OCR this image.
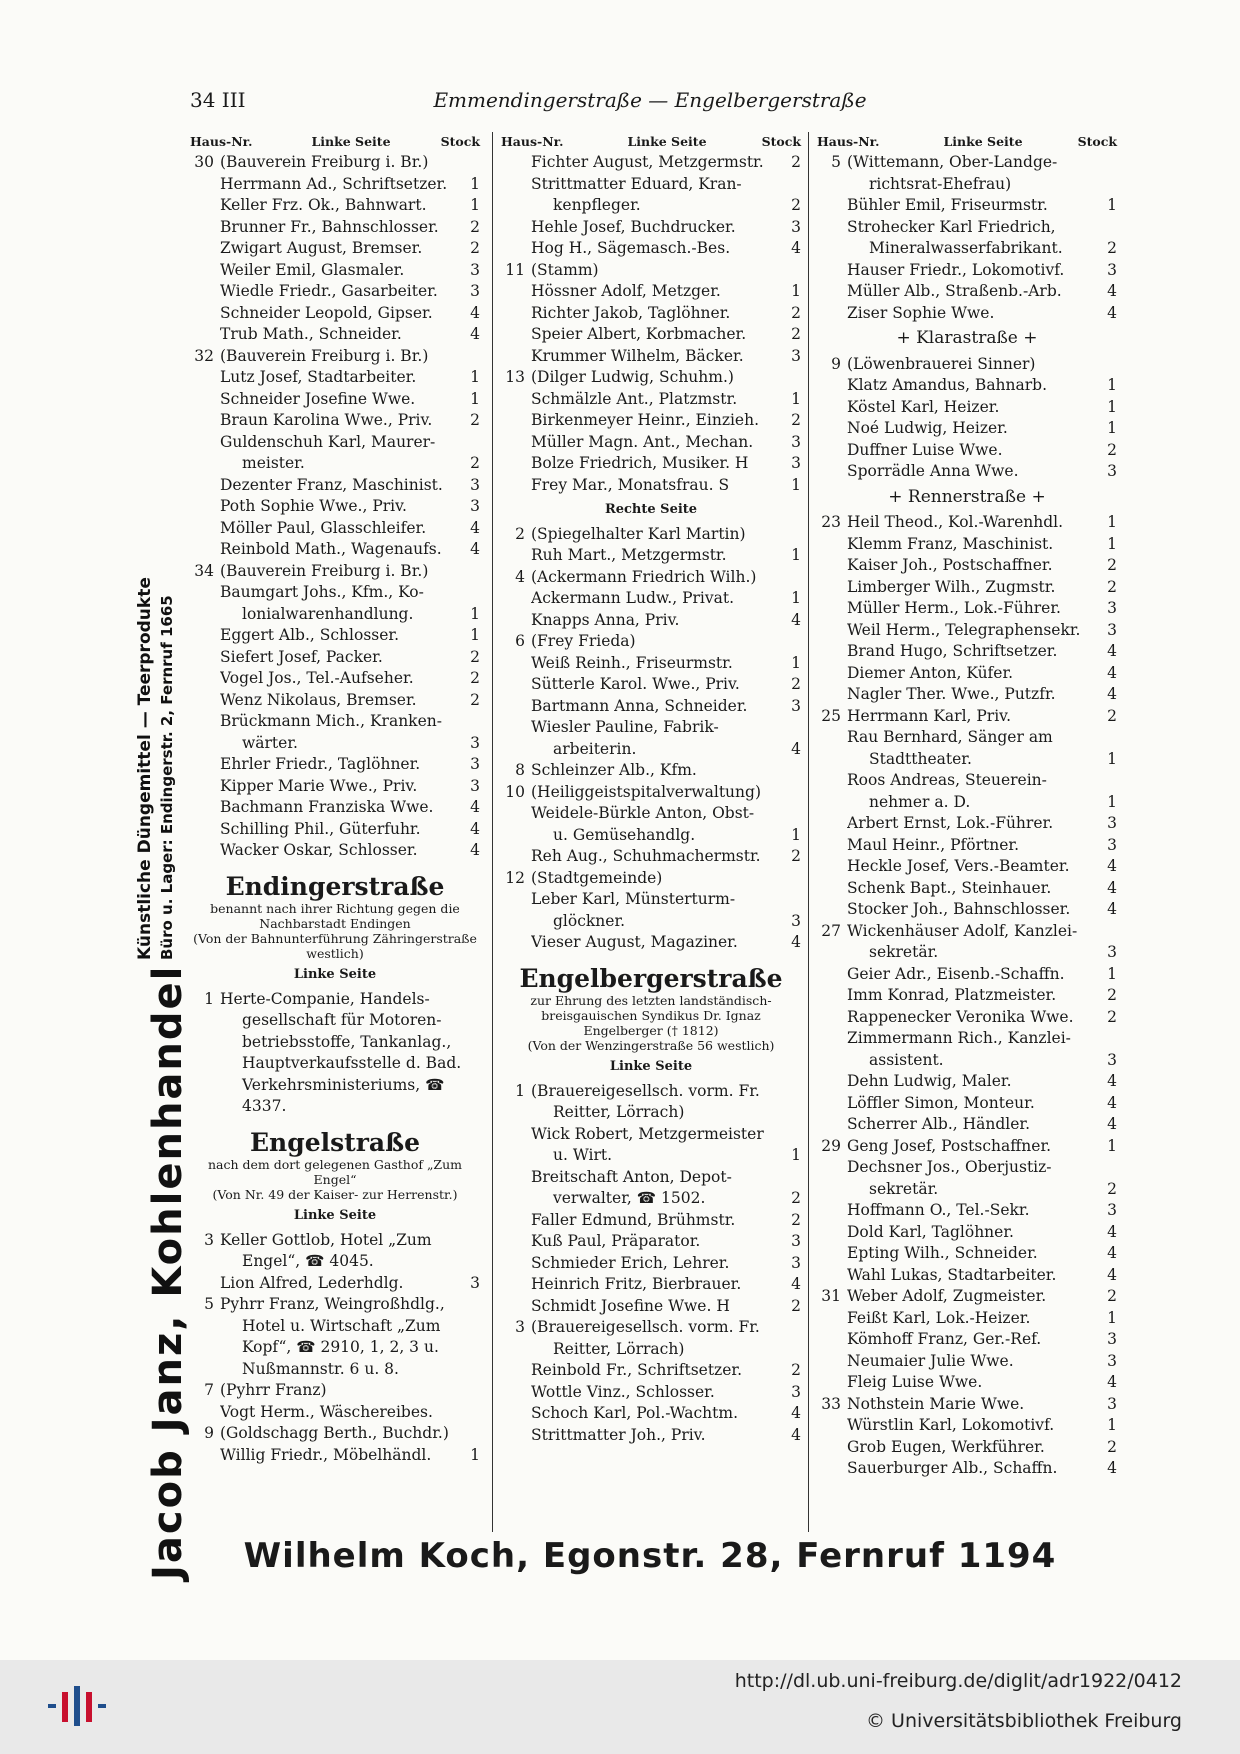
34 III	Emmendingerstraße — Engelbergerstraße
Jacob Janz, Kohlenhandel
Künstliche Düngemittel — Teerprodukte Büro u. Lager: Endingerstr. 2, Fernruf 1665
Haus-Nr.	Linke Seite	Stock
30 (Bauverein Freiburg i. Br.)
Herrmann Ad., Schriftsetzer.	1
Keller Frz. Ok., Bahnwart.	1
Brunner Fr., Bahnschlosser.	2
Zwigart August, Bremser.	2
Weiler Emil, Glasmaler.	3
Wiedle Friedr., Gasarbeiter.	3
Schneider Leopold, Gipser.	4
Trub Math., Schneider.	4
32 (Bauverein Freiburg i. Br.)
Lutz Josef, Stadtarbeiter.	1
Schneider Josefine Wwe.	1
Braun Karolina Wwe., Priv.	2
Guldenschuh Karl, Maurer-
meister.	2
Dezenter Franz, Maschinist.	3
Poth Sophie Wwe., Priv.	3
Möller Paul, Glasschleifer.	4
Reinbold Math., Wagenaufs.	4
34 (Bauverein Freiburg i. Br.)
Baumgart Johs., Kfm., Ko-
lonialwarenhandlung.	1
Eggert Alb., Schlosser.	1
Siefert Josef, Packer.	2
Vogel Jos., Tel.-Aufseher.	2
Wenz Nikolaus, Bremser.	2
Brückmann Mich., Kranken-
wärter.	3
Ehrler Friedr., Taglöhner.	3
Kipper Marie Wwe., Priv.	3
Bachmann Franziska Wwe.	4
Schilling Phil., Güterfuhr.	4
Wacker Oskar, Schlosser.	4
Endingerstraße
benannt nach ihrer Richtung gegen die Nachbarstadt Endingen
(Von der Bahnunterführung Zähringerstraße westlich)
Linke Seite
1 Herte-Companie, Handels-
gesellschaft für Motoren-
betriebsstoffe, Tankanlag.,
Hauptverkaufsstelle d. Bad.
Verkehrsministeriums, ☎
4337.
Engelstraße
nach dem dort gelegenen Gasthof „Zum Engel“
(Von Nr. 49 der Kaiser- zur Herrenstr.)
Linke Seite
3 Keller Gottlob, Hotel „Zum
Engel“, ☎ 4045.
Lion Alfred, Lederhdlg.	3
5 Pyhrr Franz, Weingroßhdlg.,
Hotel u. Wirtschaft „Zum
Kopf“, ☎ 2910, 1, 2, 3 u.
Nußmannstr. 6 u. 8.
7 (Pyhrr Franz)
Vogt Herm., Wäschereibes.
9 (Goldschagg Berth., Buchdr.)
Willig Friedr., Möbelhändl.	1
Haus-Nr.	Linke Seite	Stock
Fichter August, Metzgermstr.	2
Strittmatter Eduard, Kran-
kenpfleger.	2
Hehle Josef, Buchdrucker.	3
Hog H., Sägemasch.-Bes.	4
11 (Stamm)
Hössner Adolf, Metzger.	1
Richter Jakob, Taglöhner.	2
Speier Albert, Korbmacher.	2
Krummer Wilhelm, Bäcker.	3
13 (Dilger Ludwig, Schuhm.)
Schmälzle Ant., Platzmstr.	1
Birkenmeyer Heinr., Einzieh.	2
Müller Magn. Ant., Mechan.	3
Bolze Friedrich, Musiker. H	3
Frey Mar., Monatsfrau. S	1
Rechte Seite
2 (Spiegelhalter Karl Martin)
Ruh Mart., Metzgermstr.	1
4 (Ackermann Friedrich Wilh.)
Ackermann Ludw., Privat.	1
Knapps Anna, Priv.	4
6 (Frey Frieda)
Weiß Reinh., Friseurmstr.	1
Sütterle Karol. Wwe., Priv.	2
Bartmann Anna, Schneider.	3
Wiesler Pauline, Fabrik-
arbeiterin.	4
8 Schleinzer Alb., Kfm.
10 (Heiliggeistspitalverwaltung)
Weidele-Bürkle Anton, Obst-
u. Gemüsehandlg.	1
Reh Aug., Schuhmachermstr.	2
12 (Stadtgemeinde)
Leber Karl, Münsterturm-
glöckner.	3
Vieser August, Magaziner.	4
Engelbergerstraße
zur Ehrung des letzten landständisch-breisgauischen Syndikus Dr. Ignaz Engelberger († 1812)
(Von der Wenzingerstraße 56 westlich)
Linke Seite
1 (Brauereigesellsch. vorm. Fr.
Reitter, Lörrach)
Wick Robert, Metzgermeister
u. Wirt.	1
Breitschaft Anton, Depot-
verwalter, ☎ 1502.	2
Faller Edmund, Brühmstr.	2
Kuß Paul, Präparator.	3
Schmieder Erich, Lehrer.	3
Heinrich Fritz, Bierbrauer.	4
Schmidt Josefine Wwe. H	2
3 (Brauereigesellsch. vorm. Fr.
Reitter, Lörrach)
Reinbold Fr., Schriftsetzer.	2
Wottle Vinz., Schlosser.	3
Schoch Karl, Pol.-Wachtm.	4
Strittmatter Joh., Priv.	4
Haus-Nr.	Linke Seite	Stock
5 (Wittemann, Ober-Landge-
richtsrat-Ehefrau)
Bühler Emil, Friseurmstr.	1
Strohecker Karl Friedrich,
Mineralwasserfabrikant.	2
Hauser Friedr., Lokomotivf.	3
Müller Alb., Straßenb.-Arb.	4
Ziser Sophie Wwe.	4
+ Klarastraße +
9 (Löwenbrauerei Sinner)
Klatz Amandus, Bahnarb.	1
Köstel Karl, Heizer.	1
Noé Ludwig, Heizer.	1
Duffner Luise Wwe.	2
Sporrädle Anna Wwe.	3
+ Rennerstraße +
23 Heil Theod., Kol.-Warenhdl.	1
Klemm Franz, Maschinist.	1
Kaiser Joh., Postschaffner.	2
Limberger Wilh., Zugmstr.	2
Müller Herm., Lok.-Führer.	3
Weil Herm., Telegraphensekr.	3
Brand Hugo, Schriftsetzer.	4
Diemer Anton, Küfer.	4
Nagler Ther. Wwe., Putzfr.	4
25 Herrmann Karl, Priv.	2
Rau Bernhard, Sänger am
Stadttheater.	1
Roos Andreas, Steuerein-
nehmer a. D.	1
Arbert Ernst, Lok.-Führer.	3
Maul Heinr., Pförtner.	3
Heckle Josef, Vers.-Beamter.	4
Schenk Bapt., Steinhauer.	4
Stocker Joh., Bahnschlosser.	4
27 Wickenhäuser Adolf, Kanzlei-
sekretär.	3
Geier Adr., Eisenb.-Schaffn.	1
Imm Konrad, Platzmeister.	2
Rappenecker Veronika Wwe.	2
Zimmermann Rich., Kanzlei-
assistent.	3
Dehn Ludwig, Maler.	4
Löffler Simon, Monteur.	4
Scherrer Alb., Händler.	4
29 Geng Josef, Postschaffner.	1
Dechsner Jos., Oberjustiz-
sekretär.	2
Hoffmann O., Tel.-Sekr.	3
Dold Karl, Taglöhner.	4
Epting Wilh., Schneider.	4
Wahl Lukas, Stadtarbeiter.	4
31 Weber Adolf, Zugmeister.	2
Feißt Karl, Lok.-Heizer.	1
Kömhoff Franz, Ger.-Ref.	3
Neumaier Julie Wwe.	3
Fleig Luise Wwe.	4
33 Nothstein Marie Wwe.	3
Würstlin Karl, Lokomotivf.	1
Grob Eugen, Werkführer.	2
Sauerburger Alb., Schaffn.	4
Wilhelm Koch, Egonstr. 28, Fernruf 1194
http://dl.ub.uni-freiburg.de/diglit/adr1922/0412
© Universitätsbibliothek Freiburg
